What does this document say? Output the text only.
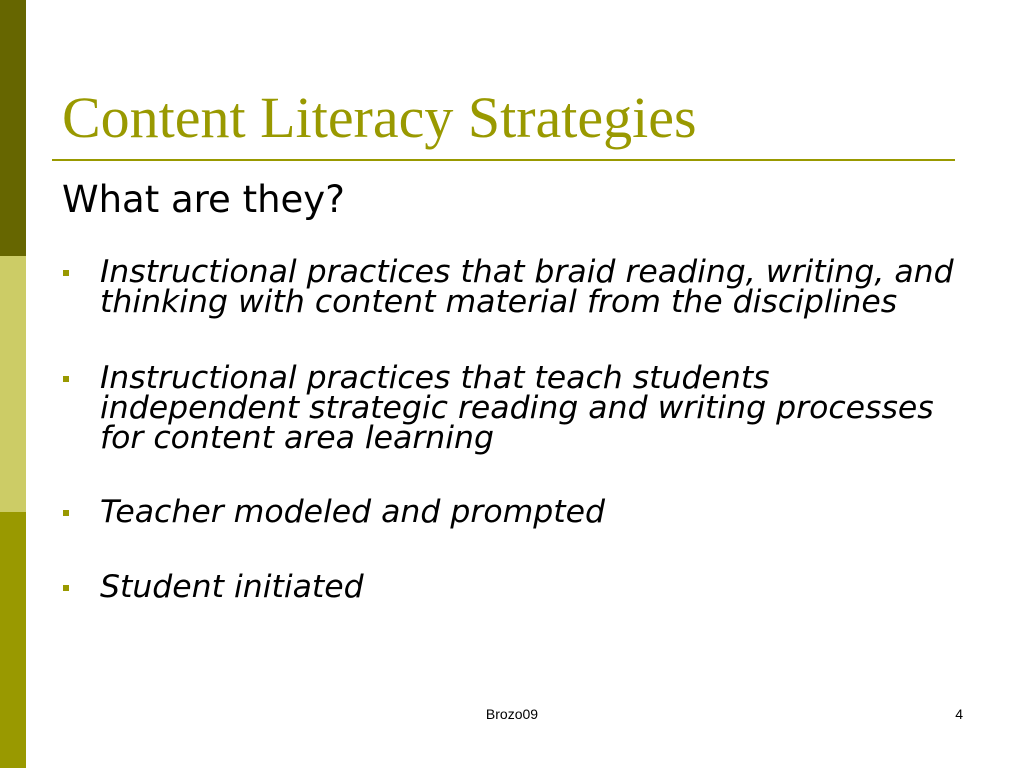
Content Literacy Strategies
What are they?
Instructional practices that braid reading, writing, and
thinking with content material from the disciplines
Instructional practices that teach students
independent strategic reading and writing processes
for content area learning
Teacher modeled and prompted
Student initiated
Brozo09	4
